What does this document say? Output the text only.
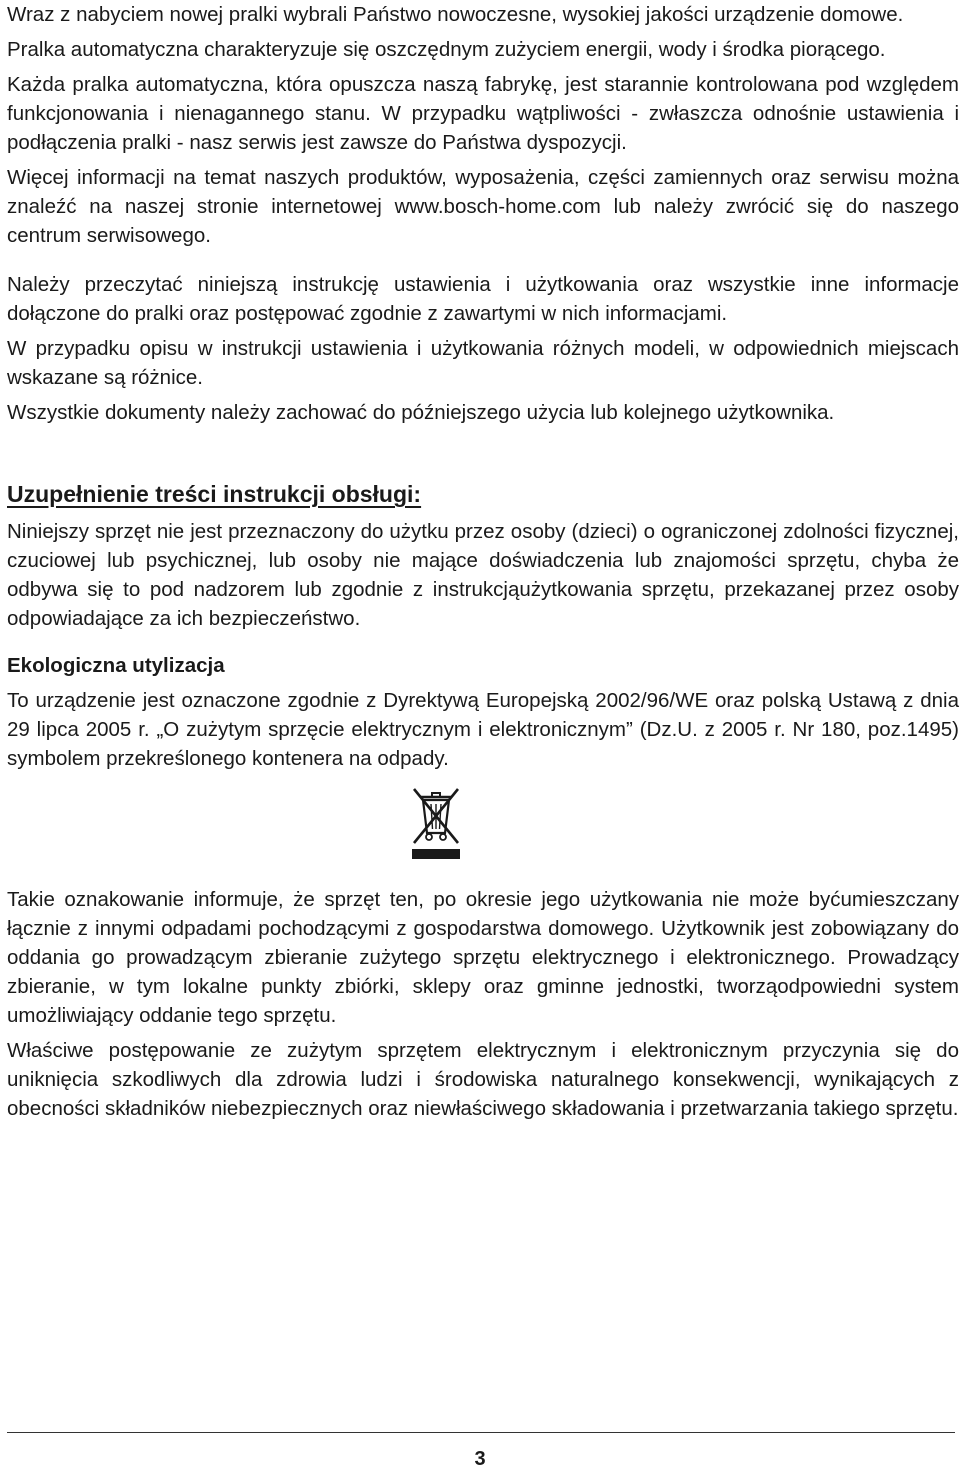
Wraz z nabyciem nowej pralki wybrali Państwo nowoczesne, wysokiej jakości urządzenie domowe.

Pralka automatyczna charakteryzuje się oszczędnym zużyciem energii, wody i środka piorącego.

Każda pralka automatyczna, która opuszcza naszą fabrykę, jest starannie kontrolowana pod względem funkcjonowania i nienagannego stanu. W przypadku wątpliwości - zwłaszcza odnośnie ustawienia i podłączenia pralki - nasz serwis jest zawsze do Państwa dyspozycji.

Więcej informacji na temat naszych produktów, wyposażenia, części zamiennych oraz serwisu można znaleźć na naszej stronie internetowej www.bosch-home.com lub należy zwrócić się do naszego centrum serwisowego.

Należy przeczytać niniejszą instrukcję ustawienia i użytkowania oraz wszystkie inne informacje dołączone do pralki oraz postępować zgodnie z zawartymi w nich informacjami.

W przypadku opisu w instrukcji ustawienia i użytkowania różnych modeli, w odpowiednich miejscach wskazane są różnice.

Wszystkie dokumenty należy zachować do późniejszego użycia lub kolejnego użytkownika.

Uzupełnienie treści instrukcji obsługi:

Niniejszy sprzęt nie jest przeznaczony do użytku przez osoby (dzieci) o ograniczonej zdolności fizycznej, czuciowej lub psychicznej, lub osoby nie mające doświadczenia lub znajomości sprzętu, chyba że odbywa się to pod nadzorem lub zgodnie z instrukcjąużytkowania sprzętu, przekazanej przez osoby odpowiadające za ich bezpieczeństwo.

Ekologiczna utylizacja

To urządzenie jest oznaczone zgodnie z Dyrektywą Europejską 2002/96/WE oraz polską Ustawą z dnia 29 lipca 2005 r. „O zużytym sprzęcie elektrycznym i elektronicznym” (Dz.U. z 2005 r. Nr 180, poz.1495) symbolem przekreślonego kontenera na odpady.

Takie oznakowanie informuje, że sprzęt ten, po okresie jego użytkowania nie może byćumieszczany łącznie z innymi odpadami pochodzącymi z gospodarstwa domowego. Użytkownik jest zobowiązany do oddania go prowadzącym zbieranie zużytego sprzętu elektrycznego i elektronicznego. Prowadzący zbieranie, w tym lokalne punkty zbiórki, sklepy oraz gminne jednostki, tworząodpowiedni system umożliwiający oddanie tego sprzętu.

Właściwe postępowanie ze zużytym sprzętem elektrycznym i elektronicznym przyczynia się do uniknięcia szkodliwych dla zdrowia ludzi i środowiska naturalnego konsekwencji, wynikających z obecności składników niebezpiecznych oraz niewłaściwego składowania i przetwarzania takiego sprzętu.

3
